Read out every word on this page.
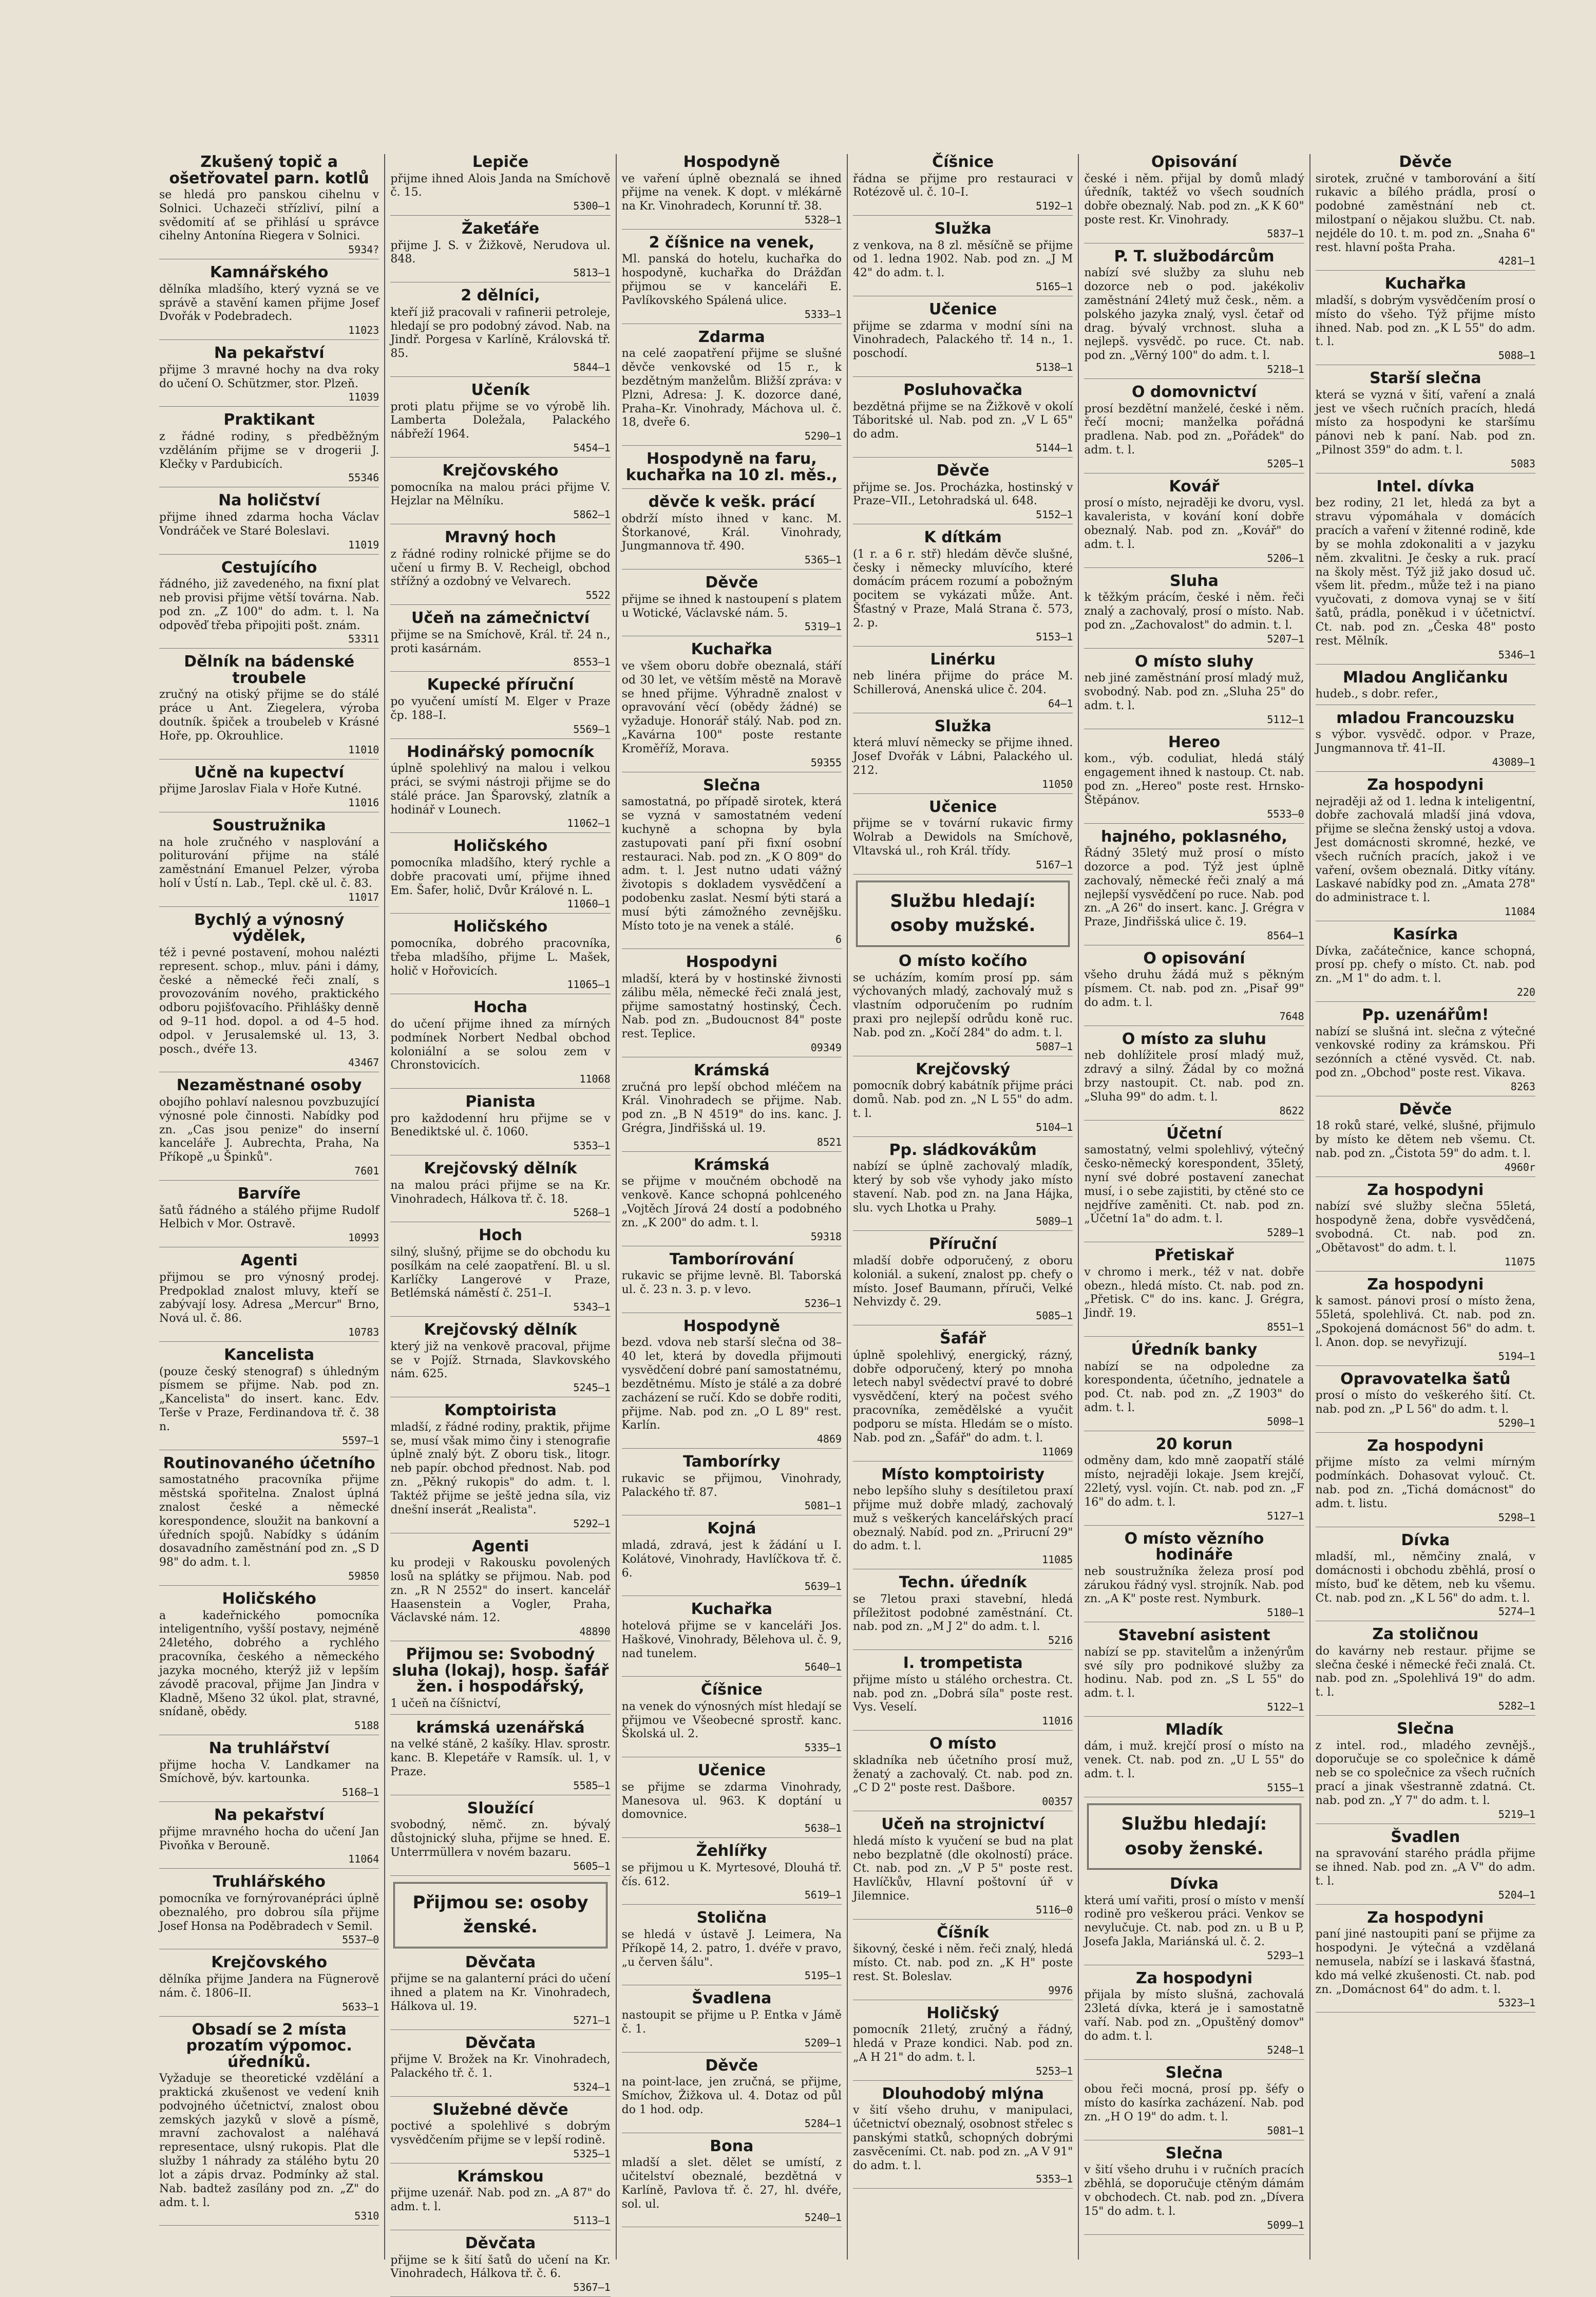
Zkušený topič a ošetřovatel parn. kotlů
se hledá pro panskou cihelnu v Solnici. Uchazeči střízliví, pilní a svědomití ať se přihlásí u správce cihelny Antonína Riegera v Solnici.
5934?
Kamnářského
dělníka mladšího, který vyzná se ve správě a stavění kamen přijme Josef Dvořák v Podebradech.
11023
Na pekařství
přijme 3 mravné hochy na dva roky do učení O. Schützmer, stor. Plzeň.
11039
Praktikant
z řádné rodiny, s předběžným vzděláním přijme se v drogerii J. Klečky v Pardubicích.
55346
Na holičství
přijme ihned zdarma hocha Václav Vondráček ve Staré Boleslavi.
11019
Cestujícího
řádného, již zavedeného, na fixní plat neb provisi přijme větší továrna. Nab. pod zn. „Z 100" do adm. t. l. Na odpověď třeba připojiti pošt. znám.
53311
Dělník na bádenské troubele
zručný na otiský přijme se do stálé práce u Ant. Ziegelera, výroba doutník. špiček a troubeleb v Krásné Hoře, pp. Okrouhlice.
11010
Učně na kupectví
přijme Jaroslav Fiala v Hoře Kutné.
11016
Soustružnika
na hole zručného v nasplování a politurování přijme na stálé zaměstnání Emanuel Pelzer, výroba holí v Ústí n. Lab., Tepl. ckě ul. č. 83.
11017
Bychlý a výnosný výdělek,
též i pevné postavení, mohou nalézti represent. schop., mluv. páni i dámy, české a německé řeči znalí, s provozováním nového, praktického odboru pojišťovacího. Přihlášky denně od 9–11 hod. dopol. a od 4–5 hod. odpol. v Jerusalemské ul. 13, 3. posch., dvéře 13.
43467
Nezaměstnané osoby
obojího pohlaví nalesnou povzbuzující výnosné pole činnosti. Nabídky pod zn. „Cas jsou penize" do inserní kanceláře J. Aubrechta, Praha, Na Příkopě „u Špinků".
7601
Barvíře
šatů řádného a stálého přijme Rudolf Helbich v Mor. Ostravě.
10993
Agenti
přijmou se pro výnosný prodej. Predpoklad znalost mluvy, kteří se zabývají losy. Adresa „Mercur" Brno, Nová ul. č. 86.
10783
Kancelista
(pouze český stenograf) s úhledným písmem se přijme. Nab. pod zn. „Kancelista" do insert. kanc. Edv. Terše v Praze, Ferdinandova tř. č. 38 n.
5597–1
Routinovaného účetního
samostatného pracovníka přijme městská spořitelna. Znalost úplná znalost české a německé korespondence, sloužit na bankovní a úředních spojů. Nabídky s údáním dosavadního zaměstnání pod zn. „S D 98" do adm. t. l.
59850
Holičského
a kadeřnického pomocníka inteligentního, vyšší postavy, nejméně 24letého, dobrého a rychlého pracovníka, českého a německého jazyka mocného, kterýž již v lepším závodě pracoval, přijme Jan Jindra v Kladně, Mšeno 32 úkol. plat, stravné, snídaně, obědy.
5188
Na truhlářství
přijme hocha V. Landkamer na Smíchově, býv. kartounka.
5168–1
Na pekařství
přijme mravného hocha do učení Jan Pivoňka v Berouně.
11064
Truhlářského
pomocníka ve fornýrovanépráci úplně obeznalého, pro dobrou síla přijme Josef Honsa na Poděbradech v Semil.
5537–0
Krejčovského
dělníka přijme Jandera na Fügnerově nám. č. 1806–II.
5633–1
Obsadí se 2 místa prozatím výpomoc. úředníků.
Vyžaduje se theoretické vzdělání a praktická zkušenost ve vedení knih podvojného účetnictví, znalost obou zemských jazyků v slově a písmě, mravní zachovalost a naléhavá representace, ulsný rukopis. Plat dle služby 1 náhrady za stálého bytu 20 lot a zápis drvaz. Podmínky až stal. Nab. badtež zasílány pod zn. „Z" do adm. t. l.
5310
Lepiče
přijme ihned Alois Janda na Smíchově č. 15.
5300–1
Žakeťáře
přijme J. S. v Žižkově, Nerudova ul. 848.
5813–1
2 dělníci,
kteří již pracovali v rafinerii petroleje, hledají se pro podobný závod. Nab. na Jindř. Porgesa v Karlíně, Královská tř. 85.
5844–1
Učeník
proti platu přijme se vo výrobě lih. Lamberta Doležala, Palackého nábřeží 1964.
5454–1
Krejčovského
pomocníka na malou práci přijme V. Hejzlar na Mělníku.
5862–1
Mravný hoch
z řádné rodiny rolnické přijme se do učení u firmy B. V. Recheigl, obchod střížný a ozdobný ve Velvarech.
5522
Učeň na zámečnictví
přijme se na Smíchově, Král. tř. 24 n., proti kasárnám.
8553–1
Kupecké příruční
po vyučení umístí M. Elger v Praze čp. 188–I.
5569–1
Hodinářský pomocník
úplně spolehlivý na malou i velkou práci, se svými nástroji přijme se do stálé práce. Jan Šparovský, zlatník a hodinář v Lounech.
11062–1
Holičského
pomocníka mladšího, který rychle a dobře pracovati umí, přijme ihned Em. Šafer, holič, Dvůr Králové n. L.
11060–1
Holičského
pomocníka, dobrého pracovníka, třeba mladšího, přijme L. Mašek, holič v Hořovicích.
11065–1
Hocha
do učení přijme ihned za mírných podmínek Norbert Nedbal obchod koloniální a se solou zem v Chronstovicích.
11068
Pianista
pro každodenní hru přijme se v Benediktské ul. č. 1060.
5353–1
Krejčovský dělník
na malou práci přijme se na Kr. Vinohradech, Hálkova tř. č. 18.
5268–1
Hoch
silný, slušný, přijme se do obchodu ku posílkám na celé zaopatření. Bl. u sl. Karlíčky Langerové v Praze, Betlémská náměstí č. 251–I.
5343–1
Krejčovský dělník
který již na venkově pracoval, přijme se v Pojíž. Strnada, Slavkovského nám. 625.
5245–1
Komptoirista
mladší, z řádné rodiny, praktik, přijme se, musí však mimo činy i stenografie úplně znalý být. Z oboru tisk., litogr. neb papír. obchod přednost. Nab. pod zn. „Pěkný rukopis" do adm. t. l. Taktéž přijme se ještě jedna síla, viz dnešní inserát „Realista".
5292–1
Agenti
ku prodeji v Rakousku povolených losů na splátky se přijmou. Nab. pod zn. „R N 2552" do insert. kancelář Haasenstein a Vogler, Praha, Václavské nám. 12.
48890
Přijmou se: Svobodný sluha (lokaj), hosp. šafář žen. i hospodářský,
1 učeň na číšnictví,
krámská uzenářská
na velké stáně, 2 kašíky. Hlav. sprostr. kanc. B. Klepetáře v Ramsík. ul. 1, v Praze.
5585–1
Sloužící
svobodný, němč. zn. bývalý důstojnický sluha, přijme se hned. E. Unterrmüllera v novém bazaru.
5605–1
Přijmou se: osoby ženské.
Děvčata
přijme se na galanterní práci do učení ihned a platem na Kr. Vinohradech, Hálkova ul. 19.
5271–1
Děvčata
přijme V. Brožek na Kr. Vinohradech, Palackého tř. č. 1.
5324–1
Služebné děvče
poctivé a spolehlivé s dobrým vysvědčením přijme se v lepší rodině.
5325–1
Krámskou
přijme uzenář. Nab. pod zn. „A 87" do adm. t. l.
5113–1
Děvčata
přijme se k šití šatů do učení na Kr. Vinohradech, Hálkova tř. č. 6.
5367–1
Hospodyně
ve vaření úplně obeznalá se ihned přijme na venek. K dopt. v mlékárně na Kr. Vinohradech, Korunní tř. 38.
5328–1
2 číšnice na venek,
Ml. panská do hotelu, kuchařka do hospodyně, kuchařka do Drážďan přijmou se v kanceláři E. Pavlíkovského Spálená ulice.
5333–1
Zdarma
na celé zaopatření přijme se slušné děvče venkovské od 15 r., k bezdětným manželům. Bližší zpráva: v Plzni, Adresa: J. K. dozorce dané, Praha–Kr. Vinohrady, Máchova ul. č. 18, dveře 6.
5290–1
Hospodyně na faru, kuchařka na 10 zl. měs.,
děvče k vešk. prácí
obdrží místo ihned v kanc. M. Štorkanové, Král. Vinohrady, Jungmannova tř. 490.
5365–1
Děvče
přijme se ihned k nastoupení s platem u Wotické, Václavské nám. 5.
5319–1
Kuchařka
ve všem oboru dobře obeznalá, stáří od 30 let, ve větším městě na Moravě se hned přijme. Výhradně znalost v opravování věcí (obědy žádné) se vyžaduje. Honorář stálý. Nab. pod zn. „Kavárna 100" poste restante Kroměříž, Morava.
59355
Slečna
samostatná, po případě sirotek, která se vyzná v samostatném vedení kuchyně a schopna by byla zastupovati paní při fixní osobní restauraci. Nab. pod zn. „K O 809" do adm. t. l. Jest nutno udati vážný životopis s dokladem vysvědčení a podobenku zaslat. Nesmí býti stará a musí býti zámožného zevnějšku. Místo toto je na venek a stálé.
6
Hospodyni
mladší, která by v hostinské živnosti zálibu měla, německé řeči znalá jest, přijme samostatný hostinský, Čech. Nab. pod zn. „Budoucnost 84" poste rest. Teplice.
09349
Krámská
zručná pro lepší obchod mléčem na Král. Vinohradech se přijme. Nab. pod zn. „B N 4519" do ins. kanc. J. Grégra, Jindřišská ul. 19.
8521
Krámská
se přijme v moučném obchodě na venkově. Kance schopná pohlceného „Vojtěch Jírová 24 dostí a podobného zn. „K 200" do adm. t. l.
59318
Tamborírování
rukavic se přijme levně. Bl. Taborská ul. č. 23 n. 3. p. v levo.
5236–1
Hospodyně
bezd. vdova neb starší slečna od 38–40 let, která by dovedla přijmouti vysvědčení dobré paní samostatnému, bezdětnému. Místo je stálé a za dobré zacházení se ručí. Kdo se dobře roditi, přijme. Nab. pod zn. „O L 89" rest. Karlín.
4869
Tamborírky
rukavic se přijmou, Vinohrady, Palackého tř. 87.
5081–1
Kojná
mladá, zdravá, jest k žádání u I. Kolátové, Vinohrady, Havlíčkova tř. č. 6.
5639–1
Kuchařka
hotelová přijme se v kanceláři Jos. Haškové, Vinohrady, Bělehova ul. č. 9, nad tunelem.
5640–1
Číšnice
na venek do výnosných míst hledají se přijmou ve Všeobecné sprostř. kanc. Školská ul. 2.
5335–1
Učenice
se přijme se zdarma Vinohrady, Manesova ul. 963. K doptání u domovnice.
5638–1
Žehlířky
se přijmou u K. Myrtesové, Dlouhá tř. čís. 612.
5619–1
Stolična
se hledá v ústavě J. Leimera, Na Příkopě 14, 2. patro, 1. dvéře v pravo, „u červen šálu".
5195–1
Švadlena
nastoupit se přijme u P. Entka v Jámě č. 1.
5209–1
Děvče
na point-lace, jen zručná, se přijme, Smíchov, Žižkova ul. 4. Dotaz od půl do 1 hod. odp.
5284–1
Bona
mladší a slet. dělet se umístí, z učitelství obeznalé, bezdětná v Karlíně, Pavlova tř. č. 27, hl. dvéře, sol. ul.
5240–1
Číšnice
řádna se přijme pro restauraci v Rotézově ul. č. 10–I.
5192–1
Služka
z venkova, na 8 zl. měsíčně se přijme od 1. ledna 1902. Nab. pod zn. „J M 42" do adm. t. l.
5165–1
Učenice
přijme se zdarma v modní síni na Vinohradech, Palackého tř. 14 n., 1. poschodí.
5138–1
Posluhovačka
bezdětná přijme se na Žižkově v okolí Táboritské ul. Nab. pod zn. „V L 65" do adm.
5144–1
Děvče
přijme se. Jos. Procházka, hostinský v Praze–VII., Letohradská ul. 648.
5152–1
K dítkám
(1 r. a 6 r. stř) hledám děvče slušné, česky i německy mluvícího, které domácím prácem rozumí a pobožným pocitem se vykázati může. Ant. Šťastný v Praze, Malá Strana č. 573, 2. p.
5153–1
Linérku
neb linéra přijme do práce M. Schillerová, Anenská ulice č. 204.
64–1
Služka
která mluví německy se přijme ihned. Josef Dvořák v Lábni, Palackého ul. 212.
11050
Učenice
přijme se v tovární rukavic firmy Wolrab a Dewidols na Smíchově, Vltavská ul., roh Král. třídy.
5167–1
Službu hledají: osoby mužské.
O místo kočího
se ucházím, komím prosí pp. sám výchovaných mladý, zachovalý muž s vlastním odporučením po rudním praxi pro nejlepší odrůdu koně ruc. Nab. pod zn. „Kočí 284" do adm. t. l.
5087–1
Krejčovský
pomocník dobrý kabátník přijme práci domů. Nab. pod zn. „N L 55" do adm. t. l.
5104–1
Pp. sládkovákům
nabízí se úplně zachovalý mladík, který by sob vše vyhody jako místo stavení. Nab. pod zn. na Jana Hájka, slu. vych Lhotka u Prahy.
5089–1
Příruční
mladší dobře odporučený, z oboru koloniál. a sukení, znalost pp. chefy o místo. Josef Baumann, příruči, Velké Nehvizdy č. 29.
5085–1
Šafář
úplně spolehlivý, energický, rázný, dobře odporučený, který po mnoha letech nabyl svědectví pravé to dobré vysvědčení, který na počest svého pracovníka, zemědělské a vyučit podporu se místa. Hledám se o místo. Nab. pod zn. „Šafář" do adm. t. l.
11069
Místo komptoiristy
nebo lepšího sluhy s desítiletou praxí přijme muž dobře mladý, zachovalý muž s veškerých kancelářských prací obeznalý. Nabíd. pod zn. „Prirucní 29" do adm. t. l.
11085
Techn. úředník
se 7letou praxi stavební, hledá příležitost podobné zaměstnání. Ct. nab. pod zn. „M J 2" do adm. t. l.
5216
I. trompetista
přijme místo u stálého orchestra. Ct. nab. pod zn. „Dobrá síla" poste rest. Vys. Veselí.
11016
O místo
skladníka neb účetního prosí muž, ženatý a zachovalý. Ct. nab. pod zn. „C D 2" poste rest. Dašbore.
00357
Učeň na strojnictví
hledá místo k vyučení se bud na plat nebo bezplatně (dle okolností) práce. Ct. nab. pod zn. „V P 5" poste rest. Havlíčkův, Hlavní poštovní úř v Jilemnice.
5116–0
Číšník
šikovný, české i něm. řeči znalý, hledá místo. Ct. nab. pod zn. „K H" poste rest. St. Boleslav.
9976
Holičský
pomocník 21letý, zručný a řádný, hledá v Praze kondici. Nab. pod zn. „A H 21" do adm. t. l.
5253–1
Dlouhodobý mlýna
v šití všeho druhu, v manipulaci, účetnictví obeznalý, osobnost střelec s panskými statků, schopných dobrými zasvěceními. Ct. nab. pod zn. „A V 91" do adm. t. l.
5353–1
Opisování
české i něm. přijal by domů mladý úředník, taktéž vo všech soudních dobře obeznalý. Nab. pod zn. „K K 60" poste rest. Kr. Vinohrady.
5837–1
P. T. službodárcům
nabízí své služby za sluhu neb dozorce neb o pod. jakékoliv zaměstnání 24letý muž česk., něm. a polského jazyka znalý, vysl. četař od drag. bývalý vrchnost. sluha a nejlepš. vysvědč. po ruce. Ct. nab. pod zn. „Věrný 100" do adm. t. l.
5218–1
O domovnictví
prosí bezdětní manželé, české i něm. řečí mocni; manželka pořádná pradlena. Nab. pod zn. „Pořádek" do adm. t. l.
5205–1
Kovář
prosí o místo, nejraději ke dvoru, vysl. kavalerista, v kování koní dobře obeznalý. Nab. pod zn. „Kovář" do adm. t. l.
5206–1
Sluha
k těžkým prácím, české i něm. řeči znalý a zachovalý, prosí o místo. Nab. pod zn. „Zachovalost" do admin. t. l.
5207–1
O místo sluhy
neb jiné zaměstnání prosí mladý muž, svobodný. Nab. pod zn. „Sluha 25" do adm. t. l.
5112–1
Hereo
kom., výb. coduliat, hledá stálý engagement ihned k nastoup. Ct. nab. pod zn. „Hereo" poste rest. Hrnsko-Štěpánov.
5533–0
hajného, poklasného,
Řádný 35letý muž prosí o místo dozorce a pod. Týž jest úplně zachovalý, německé řeči znalý a má nejlepší vysvědčení po ruce. Nab. pod zn. „A 26" do insert. kanc. J. Grégra v Praze, Jindřišská ulice č. 19.
8564–1
O opisování
všeho druhu žádá muž s pěkným písmem. Ct. nab. pod zn. „Pisař 99" do adm. t. l.
7648
O místo za sluhu
neb dohlížitele prosí mladý muž, zdravý a silný. Žádal by co možná brzy nastoupit. Ct. nab. pod zn. „Sluha 99" do adm. t. l.
8622
Účetní
samostatný, velmi spolehlivý, výtečný česko-německý korespondent, 35letý, nyní své dobré postavení zanechat musí, i o sebe zajistiti, by ctěné sto ce nejdříve zaměniti. Ct. nab. pod zn. „Účetní 1a" do adm. t. l.
5289–1
Přetiskař
v chromo i merk., též v nat. dobře obezn., hledá místo. Ct. nab. pod zn. „Přetisk. C" do ins. kanc. J. Grégra, Jindř. 19.
8551–1
Úředník banky
nabízí se na odpoledne za korespondenta, účetního, jednatele a pod. Ct. nab. pod zn. „Z 1903" do adm. t. l.
5098–1
20 korun
odměny dam, kdo mně zaopatří stálé místo, nejraději lokaje. Jsem krejčí, 22letý, vysl. vojín. Ct. nab. pod zn. „F 16" do adm. t. l.
5127–1
O místo vězního hodináře
neb soustružníka železa prosí pod zárukou řádný vysl. strojník. Nab. pod zn. „A K" poste rest. Nymburk.
5180–1
Stavební asistent
nabízí se pp. stavitelům a inženýrům své síly pro podnikové služby za hodinu. Nab. pod zn. „S L 55" do adm. t. l.
5122–1
Mladík
dám, i muž. krejčí prosí o místo na venek. Ct. nab. pod zn. „U L 55" do adm. t. l.
5155–1
Službu hledají: osoby ženské.
Dívka
která umí vařiti, prosí o místo v menší rodině pro veškerou práci. Venkov se nevylučuje. Ct. nab. pod zn. u B u P, Josefa Jakla, Mariánská ul. č. 2.
5293–1
Za hospodyni
přijala by místo slušná, zachovalá 23letá dívka, která je i samostatně vaří. Nab. pod zn. „Opuštěný domov" do adm. t. l.
5248–1
Slečna
obou řeči mocná, prosí pp. šéfy o místo do kasírka zacházení. Nab. pod zn. „H O 19" do adm. t. l.
5081–1
Slečna
v šití všeho druhu i v ručních pracích zběhlá, se doporučuje ctěným dámám v obchodech. Ct. nab. pod zn. „Dívera 15" do adm. t. l.
5099–1
Děvče
sirotek, zručné v tamborování a šití rukavic a bílého prádla, prosí o podobné zaměstnání neb ct. milostpaní o nějakou službu. Ct. nab. nejdéle do 10. t. m. pod zn. „Snaha 6" rest. hlavní pošta Praha.
4281–1
Kuchařka
mladší, s dobrým vysvědčením prosí o místo do všeho. Týž přijme místo ihned. Nab. pod zn. „K L 55" do adm. t. l.
5088–1
Starší slečna
která se vyzná v šití, vaření a znalá jest ve všech ručních pracích, hledá místo za hospodyni ke staršímu pánovi neb k paní. Nab. pod zn. „Pilnost 359" do adm. t. l.
5083
Intel. dívka
bez rodiny, 21 let, hledá za byt a stravu výpomáhala v domácích pracích a vaření v žitenné rodině, kde by se mohla zdokonaliti a v jazyku něm. zkvalitni. Je česky a ruk. prací na školy měst. Týž již jako dosud uč. všem lit. předm., může tež i na piano vyučovati, z domova vynaj se v šití šatů, prádla, poněkud i v účetnictví. Ct. nab. pod zn. „Česka 48" posto rest. Mělník.
5346–1
Mladou Angličanku
hudeb., s dobr. refer.,
mladou Francouzsku
s výbor. vysvědč. odpor. v Praze, Jungmannova tř. 41–II.
43089–1
Za hospodyni
nejraději až od 1. ledna k inteligentní, dobře zachovalá mladší jiná vdova, přijme se slečna ženský ustoj a vdova. Jest domácnosti skromné, hezké, ve všech ručních pracích, jakož i ve vaření, ovšem obeznalá. Ditky vítány. Laskavé nabídky pod zn. „Amata 278" do administrace t. l.
11084
Kasírka
Dívka, začátečnice, kance schopná, prosí pp. chefy o místo. Ct. nab. pod zn. „M 1" do adm. t. l.
220
Pp. uzenářům!
nabízí se slušná int. slečna z výtečné venkovské rodiny za krámskou. Při sezónních a ctěné vysvěd. Ct. nab. pod zn. „Obchod" poste rest. Vikava.
8263
Děvče
18 roků staré, velké, slušné, přijmulo by místo ke dětem neb všemu. Ct. nab. pod zn. „Čistota 59" do adm. t. l.
4960r
Za hospodyni
nabízí své služby slečna 55letá, hospodyně žena, dobře vysvědčená, svobodná. Ct. nab. pod zn. „Obětavost" do adm. t. l.
11075
Za hospodyni
k samost. pánovi prosí o místo žena, 55letá, spolehlivá. Ct. nab. pod zn. „Spokojená domácnost 56" do adm. t. l. Anon. dop. se nevyřizují.
5194–1
Opravovatelka šatů
prosí o místo do veškerého šití. Ct. nab. pod zn. „P L 56" do adm. t. l.
5290–1
Za hospodyni
přijme místo za velmi mírným podmínkách. Dohasovat vylouč. Ct. nab. pod zn. „Tichá domácnost" do adm. t. listu.
5298–1
Dívka
mladší, ml., němčiny znalá, v domácnosti i obchodu zběhlá, prosí o místo, buď ke dětem, neb ku všemu. Ct. nab. pod zn. „K L 56" do adm. t. l.
5274–1
Za stoličnou
do kavárny neb restaur. přijme se slečna české i německé řeči znalá. Ct. nab. pod zn. „Spolehlivá 19" do adm. t. l.
5282–1
Slečna
z intel. rod., mladého zevnějš., doporučuje se co společnice k dámě neb se co společnice za všech ručních prací a jinak všestranně zdatná. Ct. nab. pod zn. „Y 7" do adm. t. l.
5219–1
Švadlen
na spravování starého prádla přijme se ihned. Nab. pod zn. „A V" do adm. t. l.
5204–1
Za hospodyni
paní jiné nastoupiti paní se přijme za hospodyni. Je výtečná a vzdělaná nemusela, nabízí se i laskavá šťastná, kdo má velké zkušenosti. Ct. nab. pod zn. „Domácnost 64" do adm. t. l.
5323–1
